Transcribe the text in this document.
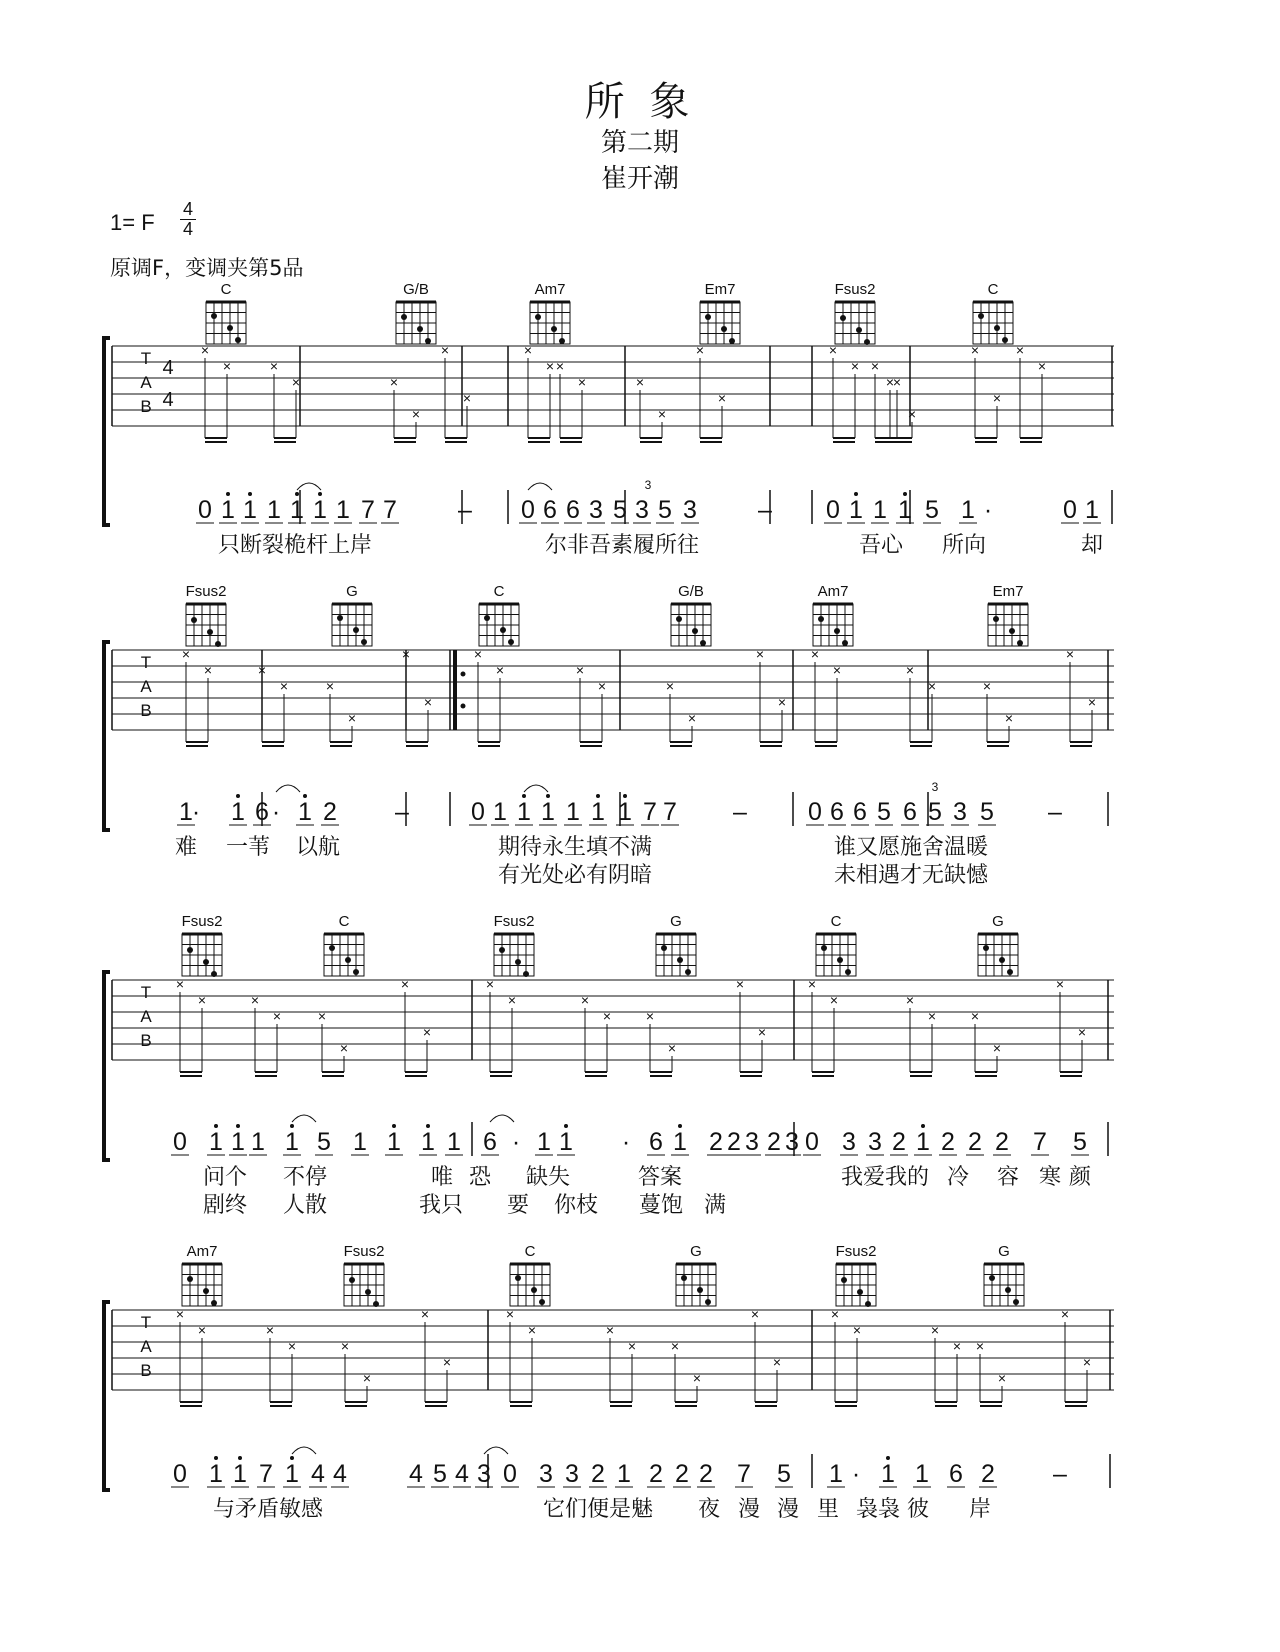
所 象
第二期
崔开潮
1= F $\frac{4}{4}$
原调F，变调夹第5品
T
A
B
4
4
×
×	×
×	×
×
×
×
×
× ×
×	×
×
×
×
×
× ×
×
×
×
×
×
×
×
C	G/B	Am7	Em7	Fsus2	C
0 1 1 1 1 1 1 7 7 – 0 6 6 3 5 3 5 3 – 0 1 1 1 5 1 ·	0 1
只断裂桅杆上岸	尔非吾素履所往	吾心 所向	却
T
A
B
×
×	×
×	×
×
×
×
×
×	×
×	×
×
×
×
×
×	×
×	×
×
×
×
Fsus2	G	C	G/B	Am7	Em7
1
· 1 6 · 1 2 – 0 1 1 1 1 1 1 7 7 – 0 6 6 5 6 5 3 5 –
难 一苇 以航	期待永生填不满	谁又愿施舍温暖
有光处必有阴暗	未相遇才无缺憾
T
A
B
×
×	×
×	×
×
×
×
×
×	×
× ×
×
×
×
×
×	×
× ×
×
×
×
Fsus2	C	Fsus2	G	C	G
0 1 1 1 1 5 1 1 1 1 6 · 1 1 · 6 1 2 2 3 2 3 0 3 3 2 1 2 2 2 7 5
问个 不停	唯 恐 缺失	答案	我爱我的 冷 容 寒 颜
剧终 人散	我只 要 你枝 蔓饱 满
T
A
B
×
×	×
×	×
×
×
×
×
×	×
× ×
×
×
×
×
×	×
× ×
×
×
×
Am7	Fsus2	C	G	Fsus2	G
0 1 1 7 1 4 4 4 5 4 3 0 3 3 2 1 2 2 2 7 5 1 · 1 1 6 2 –
与矛盾敏感	它们便是魅 夜 漫 漫 里 袅袅 彼 岸
3
3
